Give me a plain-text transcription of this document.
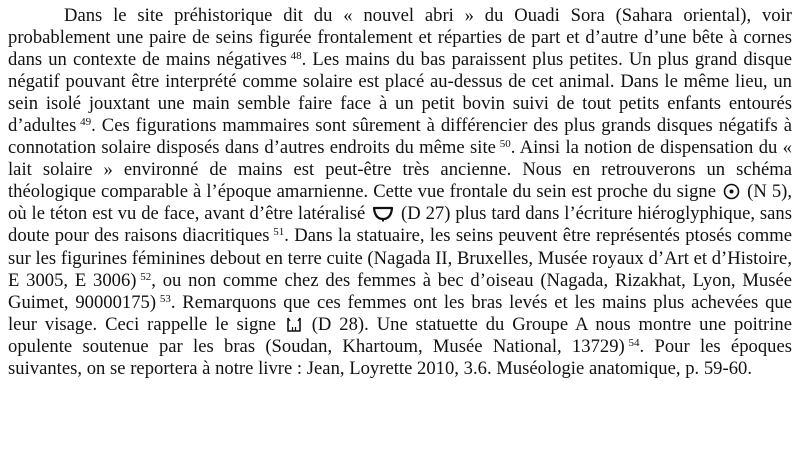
Dans le site préhistorique dit du « nouvel abri » du Ouadi Sora (Sahara oriental), voir probablement une paire de seins figurée frontalement et réparties de part et d’autre d’une bête à cornes dans un contexte de mains négatives  $^{48}$. Les mains du bas paraissent plus petites. Un plus grand disque négatif pouvant être interprété comme solaire est placé au-dessus de cet animal. Dans le même lieu, un sein isolé jouxtant une main semble faire face à un petit bovin suivi de tout petits enfants entourés d’adultes  $^{49}$. Ces figurations mammaires sont sûrement à différencier des plus grands disques négatifs à connotation solaire disposés dans d’autres endroits du même site  $^{50}$. Ainsi la notion de dispensation du « lait solaire » environné de mains est peut-être très ancienne. Nous en retrouverons un schéma théologique comparable à l’époque amarnienne. Cette vue frontale du sein est proche du signe (N 5), où le téton est vu de face, avant d’être latéralisé (D 27) plus tard dans l’écriture hiéroglyphique, sans doute pour des raisons diacritiques  $^{51}$. Dans la statuaire, les seins peuvent être représentés ptosés comme sur les figurines féminines debout en terre cuite (Nagada II, Bruxelles, Musée royaux d’Art et d’Histoire, E 3005, E 3006)  $^{52}$, ou non comme chez des femmes à bec d’oiseau (Nagada, Rizakhat, Lyon, Musée Guimet, 90000175)  $^{53}$. Remarquons que ces femmes ont les bras levés et les mains plus achevées que leur visage. Ceci rappelle le signe (D 28). Une statuette du Groupe A nous montre une poitrine opulente soutenue par les bras (Soudan, Khartoum, Musée National, 13729)  $^{54}$. Pour les époques suivantes, on se reportera à notre livre : Jean, Loyrette 2010, 3.6. Muséologie anatomique, p. 59-60.
